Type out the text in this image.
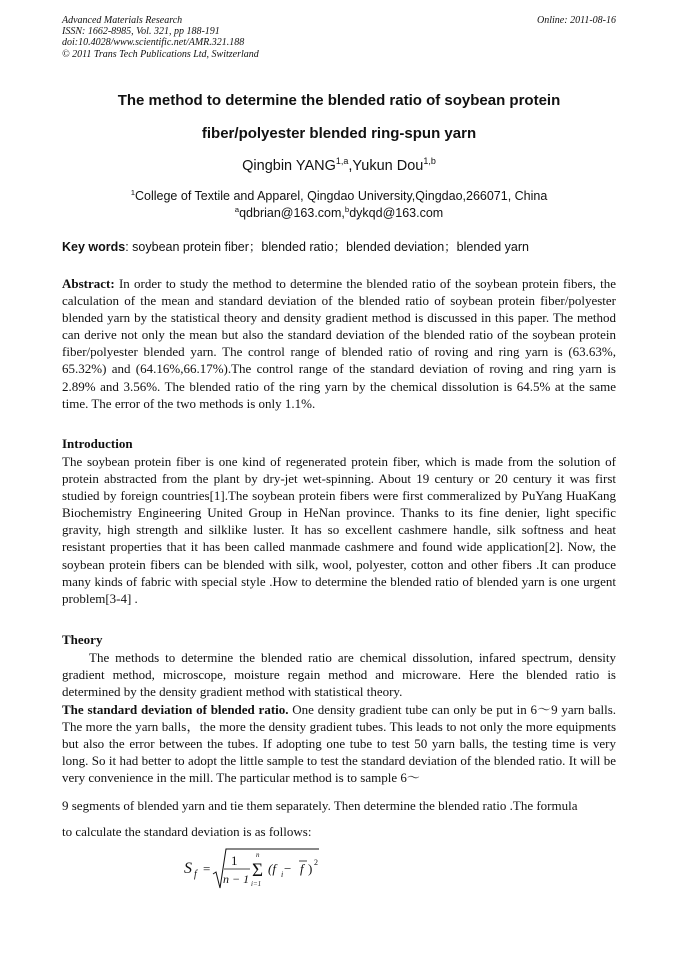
Advanced Materials Research
ISSN: 1662-8985, Vol. 321, pp 188-191
doi:10.4028/www.scientific.net/AMR.321.188
© 2011 Trans Tech Publications Ltd, Switzerland
Online: 2011-08-16
The method to determine the blended ratio of soybean protein
fiber/polyester blended ring-spun yarn
Qingbin YANG$^{1,a}$,Yukun Dou$^{1,b}$
$^1$College of Textile and Apparel, Qingdao University,Qingdao,266071, China
$^a$qdbrian@163.com,$^b$dykqd@163.com
Key words: soybean protein fiber；blended ratio；blended deviation；blended yarn
Abstract: In order to study the method to determine the blended ratio of the soybean protein fibers, the calculation of the mean and standard deviation of the blended ratio of soybean protein fiber/polyester blended yarn by the statistical theory and density gradient method is discussed in this paper. The method can derive not only the mean but also the standard deviation of the blended ratio of the soybean protein fiber/polyester blended yarn. The control range of blended ratio of roving and ring yarn is (63.63%, 65.32%) and (64.16%,66.17%).The control range of the standard deviation of roving and ring yarn is 2.89% and 3.56%. The blended ratio of the ring yarn by the chemical dissolution is 64.5% at the same time. The error of the two methods is only 1.1%.
Introduction
The soybean protein fiber is one kind of regenerated protein fiber, which is made from the solution of protein abstracted from the plant by dry-jet wet-spinning. About 19 century or 20 century it was first studied by foreign countries[1].The soybean protein fibers were first commeralized by PuYang HuaKang Biochemistry Engineering United Group in HeNan province. Thanks to its fine denier, light specific gravity, high strength and silklike luster. It has so excellent cashmere handle, silk softness and heat resistant properties that it has been called manmade cashmere and found wide application[2]. Now, the soybean protein fibers can be blended with silk, wool, polyester, cotton and other fibers .It can produce many kinds of fabric with special style .How to determine the blended ratio of blended yarn is one urgent problem[3-4] .
Theory
The methods to determine the blended ratio are chemical dissolution, infared spectrum, density gradient method, microscope, moisture regain method and microware. Here the blended ratio is determined by the density gradient method with statistical theory.
The standard deviation of blended ratio. One density gradient tube can only be put in 6～9 yarn balls. The more the yarn balls，the more the density gradient tubes. This leads to not only the more equipments but also the error between the tubes. If adopting one tube to test 50 yarn balls, the testing time is very long. So it had better to adopt the little sample to test the standard deviation of the blended ratio. It will be very convenience in the mill. The particular method is to sample 6～
9 segments of blended yarn and tie them separately. Then determine the blended ratio .The formula
to calculate the standard deviation is as follows:
S f =
1
n − 1
n
Σ
i=1
(f i − f ) 2
